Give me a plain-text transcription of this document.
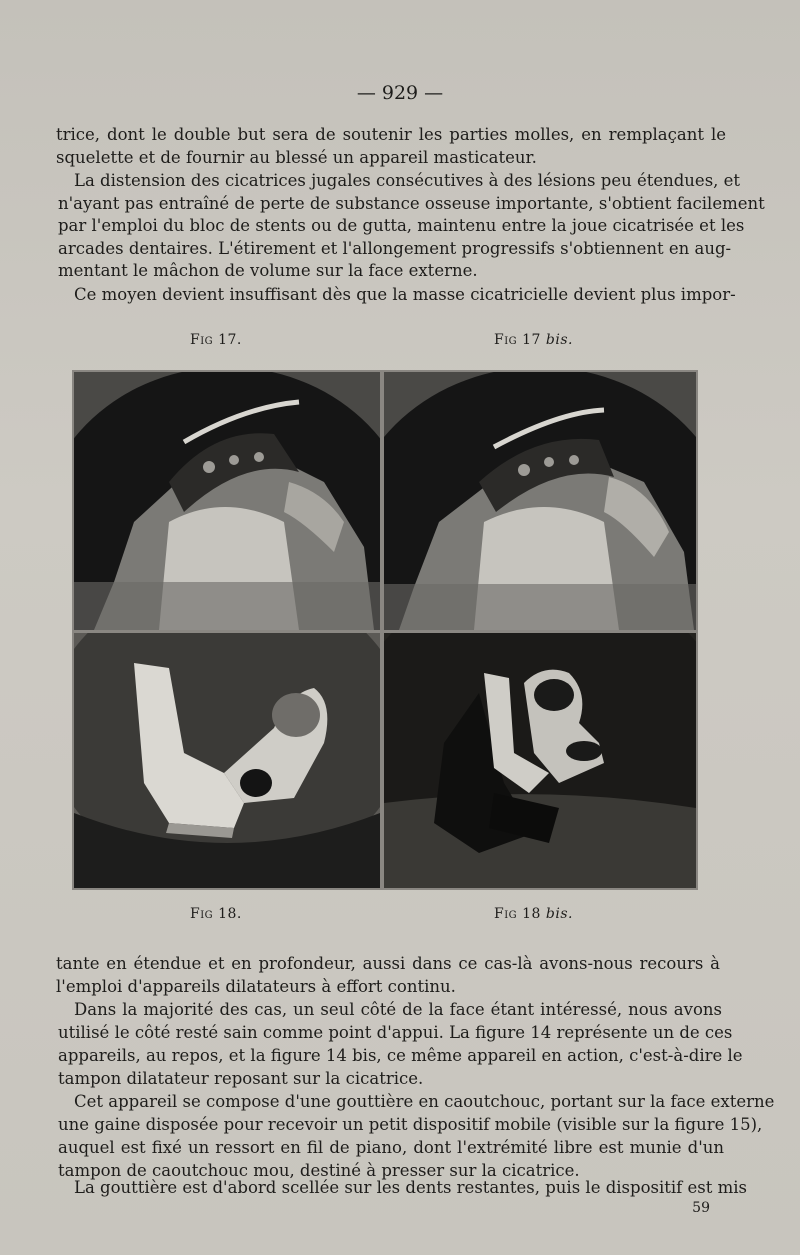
— 929 —

trice, dont le double but sera de soutenir les parties molles, en remplaçant le
squelette et de fournir au blessé un appareil masticateur.

La distension des cicatrices jugales consécutives à des lésions peu étendues, et
n'ayant pas entraîné de perte de substance osseuse importante, s'obtient facilement
par l'emploi du bloc de stents ou de gutta, maintenu entre la joue cicatrisée et les
arcades dentaires. L'étirement et l'allongement progressifs s'obtiennent en aug-
mentant le mâchon de volume sur la face externe.

Ce moyen devient insuffisant dès que la masse cicatricielle devient plus impor-

Fig 17.	Fig 17 bis.
Fig 18.	Fig 18 bis.

tante en étendue et en profondeur, aussi dans ce cas-là avons-nous recours à
l'emploi d'appareils dilatateurs à effort continu.

Dans la majorité des cas, un seul côté de la face étant intéressé, nous avons
utilisé le côté resté sain comme point d'appui. La figure 14 représente un de ces
appareils, au repos, et la figure 14 bis, ce même appareil en action, c'est-à-dire le
tampon dilatateur reposant sur la cicatrice.

Cet appareil se compose d'une gouttière en caoutchouc, portant sur la face externe
une gaine disposée pour recevoir un petit dispositif mobile (visible sur la figure 15),
auquel est fixé un ressort en fil de piano, dont l'extrémité libre est munie d'un
tampon de caoutchouc mou, destiné à presser sur la cicatrice.

La gouttière est d'abord scellée sur les dents restantes, puis le dispositif est mis

59
